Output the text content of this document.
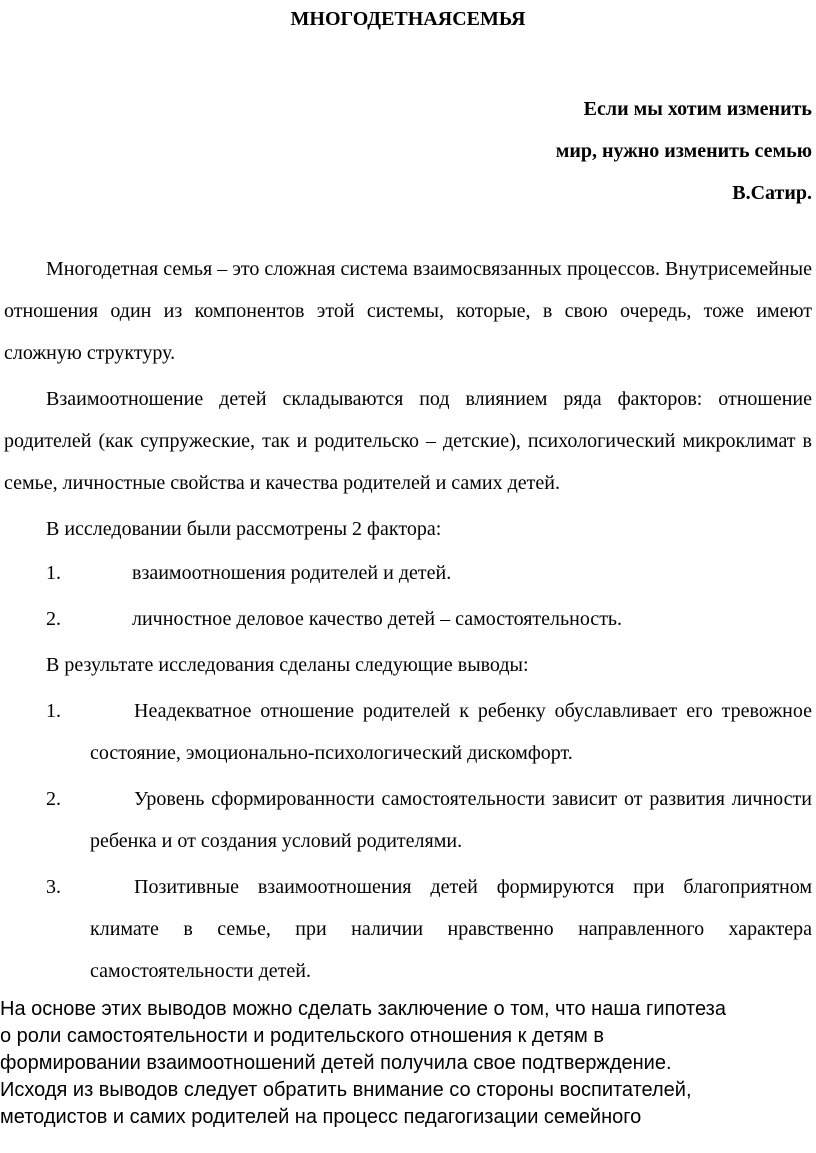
МНОГОДЕТНАЯСЕМЬЯ
Если мы хотим изменить
мир, нужно изменить семью
В.Сатир.

Многодетная семья – это сложная система взаимосвязанных процессов. Внутрисемейные отношения один из компонентов этой системы, которые, в свою очередь, тоже имеют сложную структуру.

Взаимоотношение детей складываются под влиянием ряда факторов: отношение родителей (как супружеские, так и родительско – детские), психологический микроклимат в семье, личностные свойства и качества родителей и самих детей.

В исследовании были рассмотрены 2 фактора:

1.	взаимоотношения родителей и детей.
2.	личностное деловое качество детей – самостоятельность.

В результате исследования сделаны следующие выводы:

1.	Неадекватное отношение родителей к ребенку обуславливает его тревожное состояние, эмоционально-психологический дискомфорт.
2.	Уровень сформированности самостоятельности зависит от развития личности ребенка и от создания условий родителями.
3.	Позитивные взаимоотношения детей формируются при благоприятном климате в семье, при наличии нравственно направленного характера самостоятельности детей.
На основе этих выводов можно сделать заключение о том, что наша гипотеза
о роли самостоятельности и родительского отношения к детям в
формировании взаимоотношений детей получила свое подтверждение.
Исходя из выводов следует обратить внимание со стороны воспитателей,
методистов и самих родителей на процесс педагогизации семейного
